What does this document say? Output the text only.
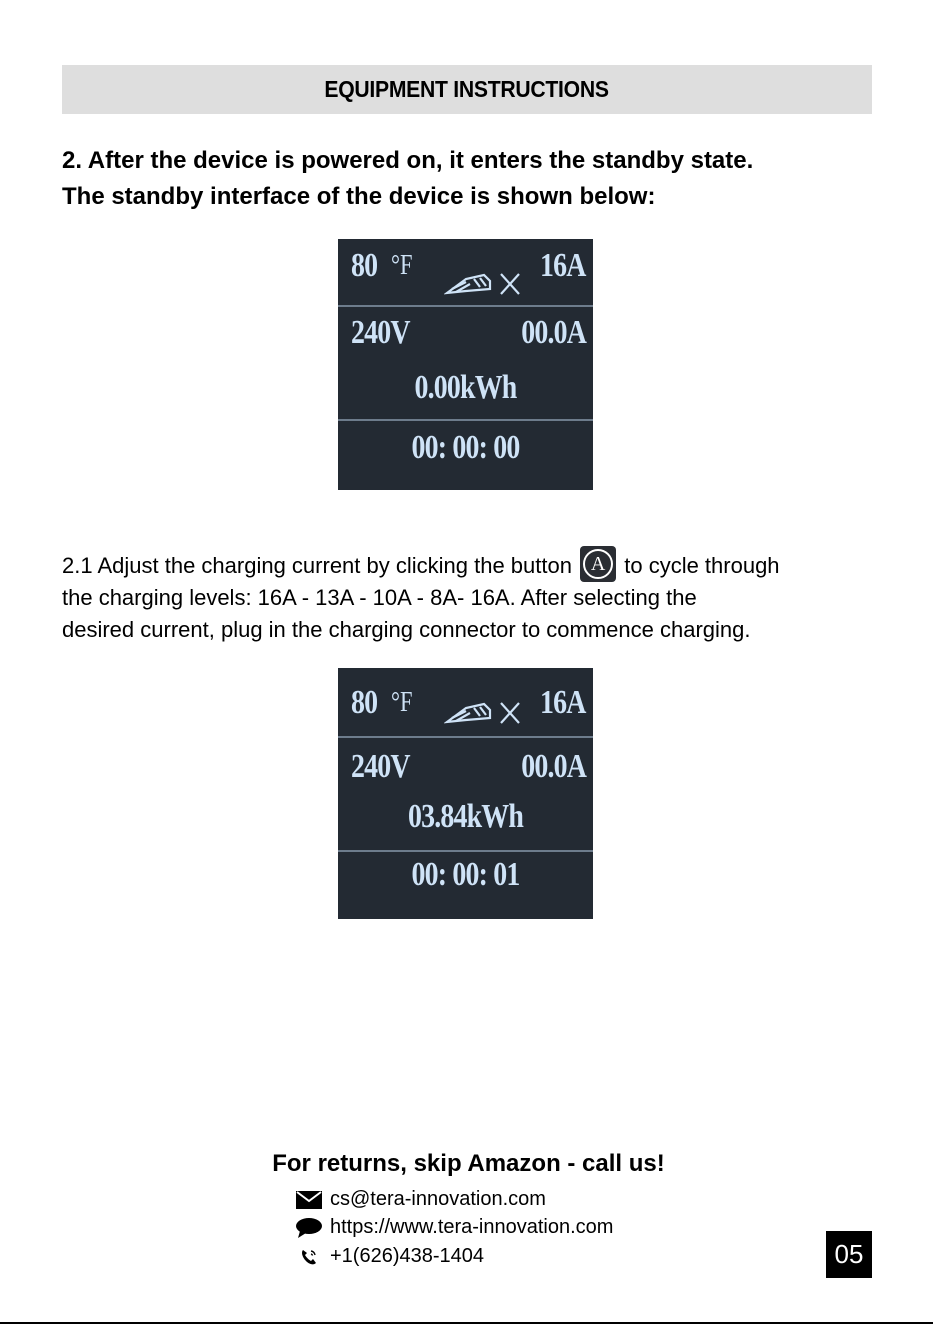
EQUIPMENT INSTRUCTIONS
2. After the device is powered on, it enters the standby state.
The standby interface of the device is shown below:
80 °F	16A
240V	00.0A
0.00kWh
00: 00: 00
2.1 Adjust the charging current by clicking the button A to cycle through
the charging levels: 16A - 13A - 10A - 8A- 16A. After selecting the
desired current, plug in the charging connector to commence charging.
80 °F	16A
240V	00.0A
03.84kWh
00: 00: 01
For returns, skip Amazon - call us!
cs@tera-innovation.com
https://www.tera-innovation.com
+1(626)438-1404	05
